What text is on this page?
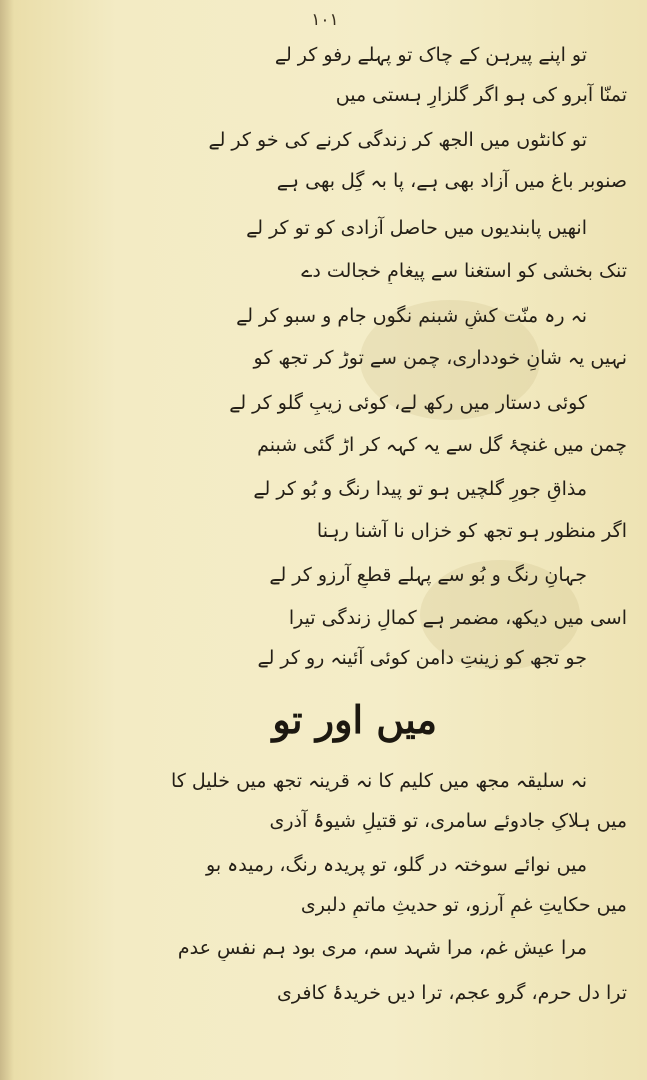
۱۰۱
تو اپنے پیرہن کے چاک تو پہلے رفو کر لے
تمنّا آبرو کی ہو اگر گلزارِ ہستی میں
تو کانٹوں میں الجھ کر زندگی کرنے کی خو کر لے
صنوبر باغ میں آزاد بھی ہے، پا بہ گِل بھی ہے
انھیں پابندیوں میں حاصل آزادی کو تو کر لے
تنک بخشی کو استغنا سے پیغامِ خجالت دے
نہ رہ منّت کشِ شبنم نگوں جام و سبو کر لے
نہیں یہ شانِ خودداری، چمن سے توڑ کر تجھ کو
کوئی دستار میں رکھ لے، کوئی زیبِ گلو کر لے
چمن میں غنچۂ گل سے یہ کہہ کر اڑ گئی شبنم
مذاقِ جورِ گلچیں ہو تو پیدا رنگ و بُو کر لے
اگر منظور ہو تجھ کو خزاں نا آشنا رہنا
جہانِ رنگ و بُو سے پہلے قطعِ آرزو کر لے
اسی میں دیکھ، مضمر ہے کمالِ زندگی تیرا
جو تجھ کو زینتِ دامن کوئی آئینہ رو کر لے
میں اور تو
نہ سلیقہ مجھ میں کلیم کا نہ قرینہ تجھ میں خلیل کا
میں ہلاکِ جادوئے سامری، تو قتیلِ شیوۂ آذری
میں نوائے سوختہ در گلو، تو پریدہ رنگ، رمیدہ بو
میں حکایتِ غمِ آرزو، تو حدیثِ ماتمِ دلبری
مرا عیش غم، مرا شہد سم، مری بود ہم نفسِ عدم
ترا دل حرم، گرو عجم، ترا دیں خریدۂ کافری
